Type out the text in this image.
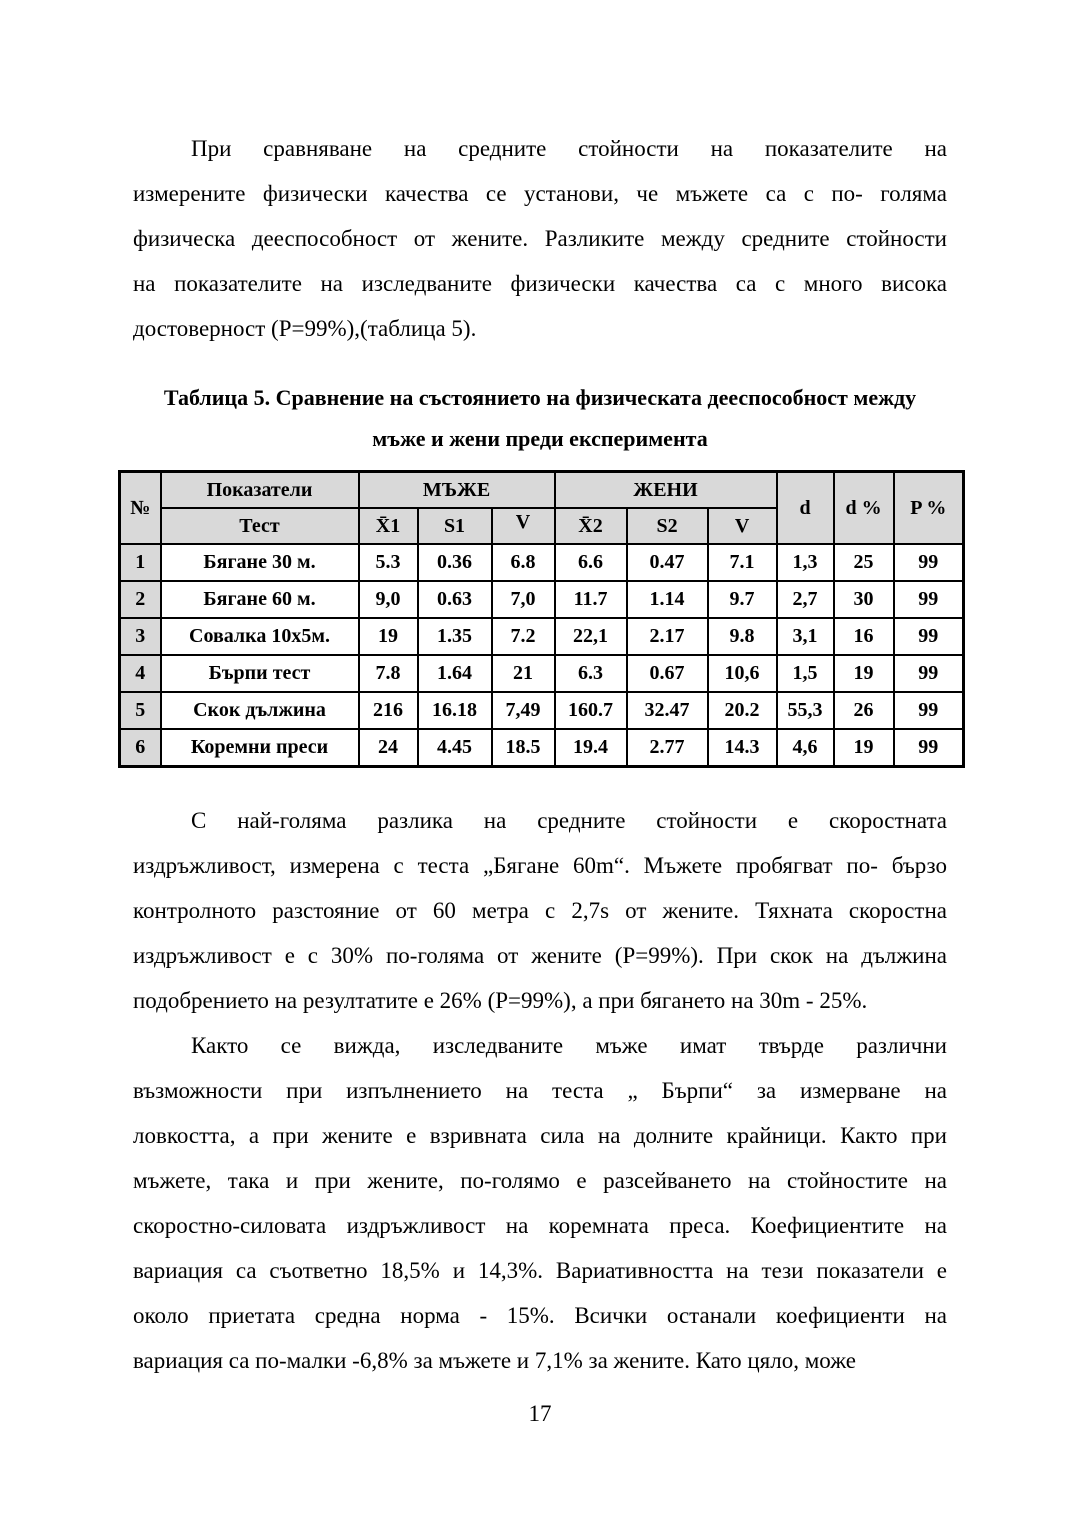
При сравняване на средните стойности на показателите на
измерените физически качества се установи, че мъжете са с по- голяма
физическа дееспособност от жените. Разликите между средните стойности
на показателите на изследваните физически качества са с много висока
достоверност (P=99%),(таблица 5).
Таблица 5. Сравнение на състоянието на физическата дееспособност между
мъже и жени преди експеримента
№	Показатели	МЪЖЕ			ЖЕНИ			d	d %	P %
	Тест	X̄1	S1	V	X̄2	S2	V			
1	Бягане 30 м.	5.3	0.36	6.8	6.6	0.47	7.1	1,3	25	99
2	Бягане 60 м.	9,0	0.63	7,0	11.7	1.14	9.7	2,7	30	99
3	Совалка 10х5м.	19	1.35	7.2	22,1	2.17	9.8	3,1	16	99
4	Бърпи тест	7.8	1.64	21	6.3	0.67	10,6	1,5	19	99
5	Скок дължина	216	16.18	7,49	160.7	32.47	20.2	55,3	26	99
6	Коремни преси	24	4.45	18.5	19.4	2.77	14.3	4,6	19	99
С най-голяма разлика на средните стойности е скоростната
издръжливост, измерена с теста „Бягане 60m“. Мъжете пробягват по- бързо
контролното разстояние от 60 метра с 2,7s от жените. Тяхната скоростна
издръжливост е с 30% по-голяма от жените (P=99%). При скок на дължина
подобрението на резултатите е 26% (P=99%), а при бягането на 30m - 25%.
Както се вижда, изследваните мъже имат твърде различни
възможности при изпълнението на теста „ Бърпи“ за измерване на
ловкостта, а при жените е взривната сила на долните крайници. Както при
мъжете, така и при жените, по-голямо е разсейването на стойностите на
скоростно-силовата издръжливост на коремната преса. Коефициентите на
вариация са съответно 18,5% и 14,3%. Вариативността на тези показатели е
около приетата средна норма - 15%. Всички останали коефициенти на
вариация са по-малки -6,8% за мъжете и 7,1% за жените. Като цяло, може
17
